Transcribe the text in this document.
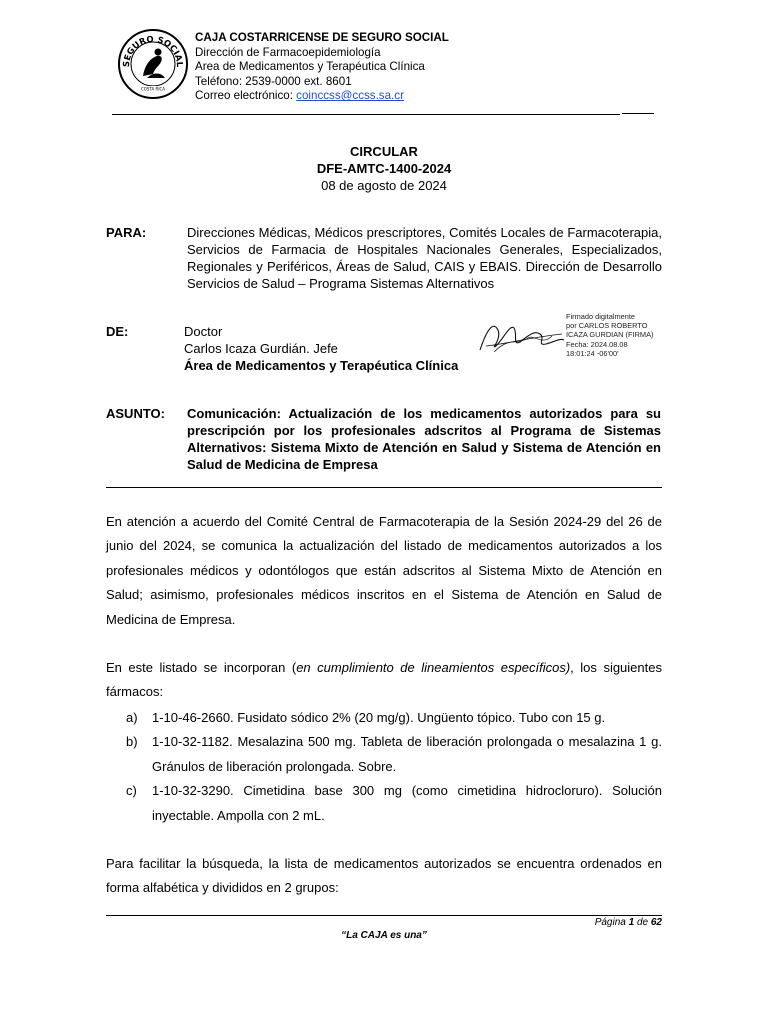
SEGURO SOCIAL
COSTA RICA
CAJA COSTARRICENSE DE SEGURO SOCIAL
Dirección de Farmacoepidemiología
Area de Medicamentos y Terapéutica Clínica
Teléfono: 2539-0000 ext. 8601
Correo electrónico: coinccss@ccss.sa.cr
CIRCULAR
DFE-AMTC-1400-2024
08 de agosto de 2024
PARA:	Direcciones Médicas, Médicos prescriptores, Comités Locales de Farmacoterapia, Servicios de Farmacia de Hospitales Nacionales Generales, Especializados, Regionales y Periféricos, Áreas de Salud, CAIS y EBAIS. Dirección de Desarrollo Servicios de Salud – Programa Sistemas Alternativos
DE:	Doctor
Carlos Icaza Gurdián. Jefe
Área de Medicamentos y Terapéutica Clínica
Firmado digitalmente
por CARLOS ROBERTO
ICAZA GURDIAN (FIRMA)
Fecha: 2024.08.08
18:01:24 -06'00'
ASUNTO: Comunicación: Actualización de los medicamentos autorizados para su prescripción por los profesionales adscritos al Programa de Sistemas Alternativos: Sistema Mixto de Atención en Salud y Sistema de Atención en Salud de Medicina de Empresa
En atención a acuerdo del Comité Central de Farmacoterapia de la Sesión 2024-29 del 26 de junio del 2024, se comunica la actualización del listado de medicamentos autorizados a los profesionales médicos y odontólogos que están adscritos al Sistema Mixto de Atención en Salud; asimismo, profesionales médicos inscritos en el Sistema de Atención en Salud de Medicina de Empresa.
En este listado se incorporan (en cumplimiento de lineamientos específicos), los siguientes fármacos:
a) 1-10-46-2660. Fusidato sódico 2% (20 mg/g). Ungüento tópico. Tubo con 15 g.
b) 1-10-32-1182. Mesalazina 500 mg. Tableta de liberación prolongada o mesalazina 1 g. Gránulos de liberación prolongada. Sobre.
c) 1-10-32-3290. Cimetidina base 300 mg (como cimetidina hidrocloruro). Solución inyectable. Ampolla con 2 mL.
Para facilitar la búsqueda, la lista de medicamentos autorizados se encuentra ordenados en forma alfabética y divididos en 2 grupos:
Página 1 de 62
“La CAJA es una”
